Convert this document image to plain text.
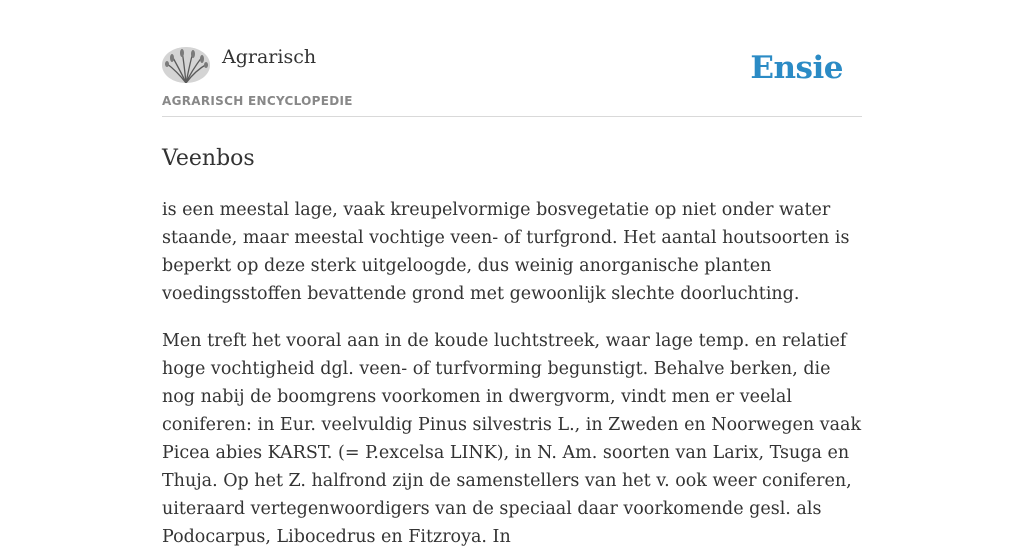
Agrarisch
AGRARISCH ENCYCLOPEDIE
Ensie
Veenbos

is een meestal lage, vaak kreupelvormige bosvegetatie op niet onder water staande, maar meestal vochtige veen- of turfgrond. Het aantal houtsoorten is beperkt op deze sterk uitgeloogde, dus weinig anorganische planten voedingsstoffen bevattende grond met gewoonlijk slechte doorluchting.

Men treft het vooral aan in de koude luchtstreek, waar lage temp. en relatief hoge vochtigheid dgl. veen- of turfvorming begunstigt. Behalve berken, die nog nabij de boomgrens voorkomen in dwergvorm, vindt men er veelal coniferen: in Eur. veelvuldig Pinus silvestris L., in Zweden en Noorwegen vaak Picea abies KARST. (= P.excelsa LINK), in N. Am. soorten van Larix, Tsuga en Thuja. Op het Z. halfrond zijn de samenstellers van het v. ook weer coniferen, uiteraard vertegenwoordigers van de speciaal daar voorkomende gesl. als Podocarpus, Libocedrus en Fitzroya. In
